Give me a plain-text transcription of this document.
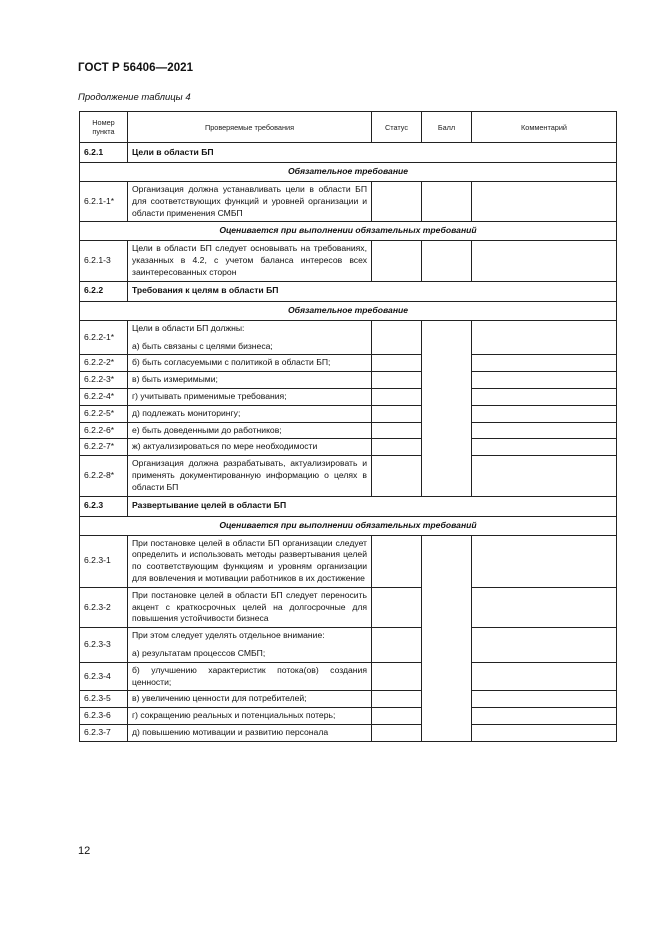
ГОСТ Р 56406—2021
Продолжение таблицы 4
Номер пункта	Проверяемые требования	Статус	Балл	Комментарий
6.2.1	Цели в области БП			
Обязательное требование				
6.2.1-1*	Организация должна устанавливать цели в области БП для соответствующих функций и уровней организации и области применения СМБП			
Оценивается при выполнении обязательных требований				
6.2.1-3	Цели в области БП следует основывать на требованиях, указанных в 4.2, с учетом баланса интересов всех заинтересованных сторон			
6.2.2	Требования к целям в области БП			
Обязательное требование				
6.2.2-1*	Цели в области БП должны:
а) быть связаны с целями бизнеса;			

6.2.2-2*	б) быть согласуемыми с политикой в области БП;			
6.2.2-3*	в) быть измеримыми;			
6.2.2-4*	г) учитывать применимые требования;			
6.2.2-5*	д) подлежать мониторингу;			
6.2.2-6*	е) быть доведенными до работников;			
6.2.2-7*	ж) актуализироваться по мере необходимости			
6.2.2-8*	Организация должна разрабатывать, актуализировать и применять документированную информацию о целях в области БП			
6.2.3	Развертывание целей в области БП			
Оценивается при выполнении обязательных требований				
6.2.3-1	При постановке целей в области БП организации следует определить и использовать методы развертывания целей по соответствующим функциям и уровням организации для вовлечения и мотивации работников в их достижение			
6.2.3-2	При постановке целей в области БП следует переносить акцент с краткосрочных целей на долгосрочные для повышения устойчивости бизнеса			
6.2.3-3	При этом следует уделять отдельное внимание:
а) результатам процессов СМБП;			

6.2.3-4	б) улучшению характеристик потока(ов) создания ценности;			
6.2.3-5	в) увеличению ценности для потребителей;			
6.2.3-6	г) сокращению реальных и потенциальных потерь;			
6.2.3-7	д) повышению мотивации и развитию персонала			
12
